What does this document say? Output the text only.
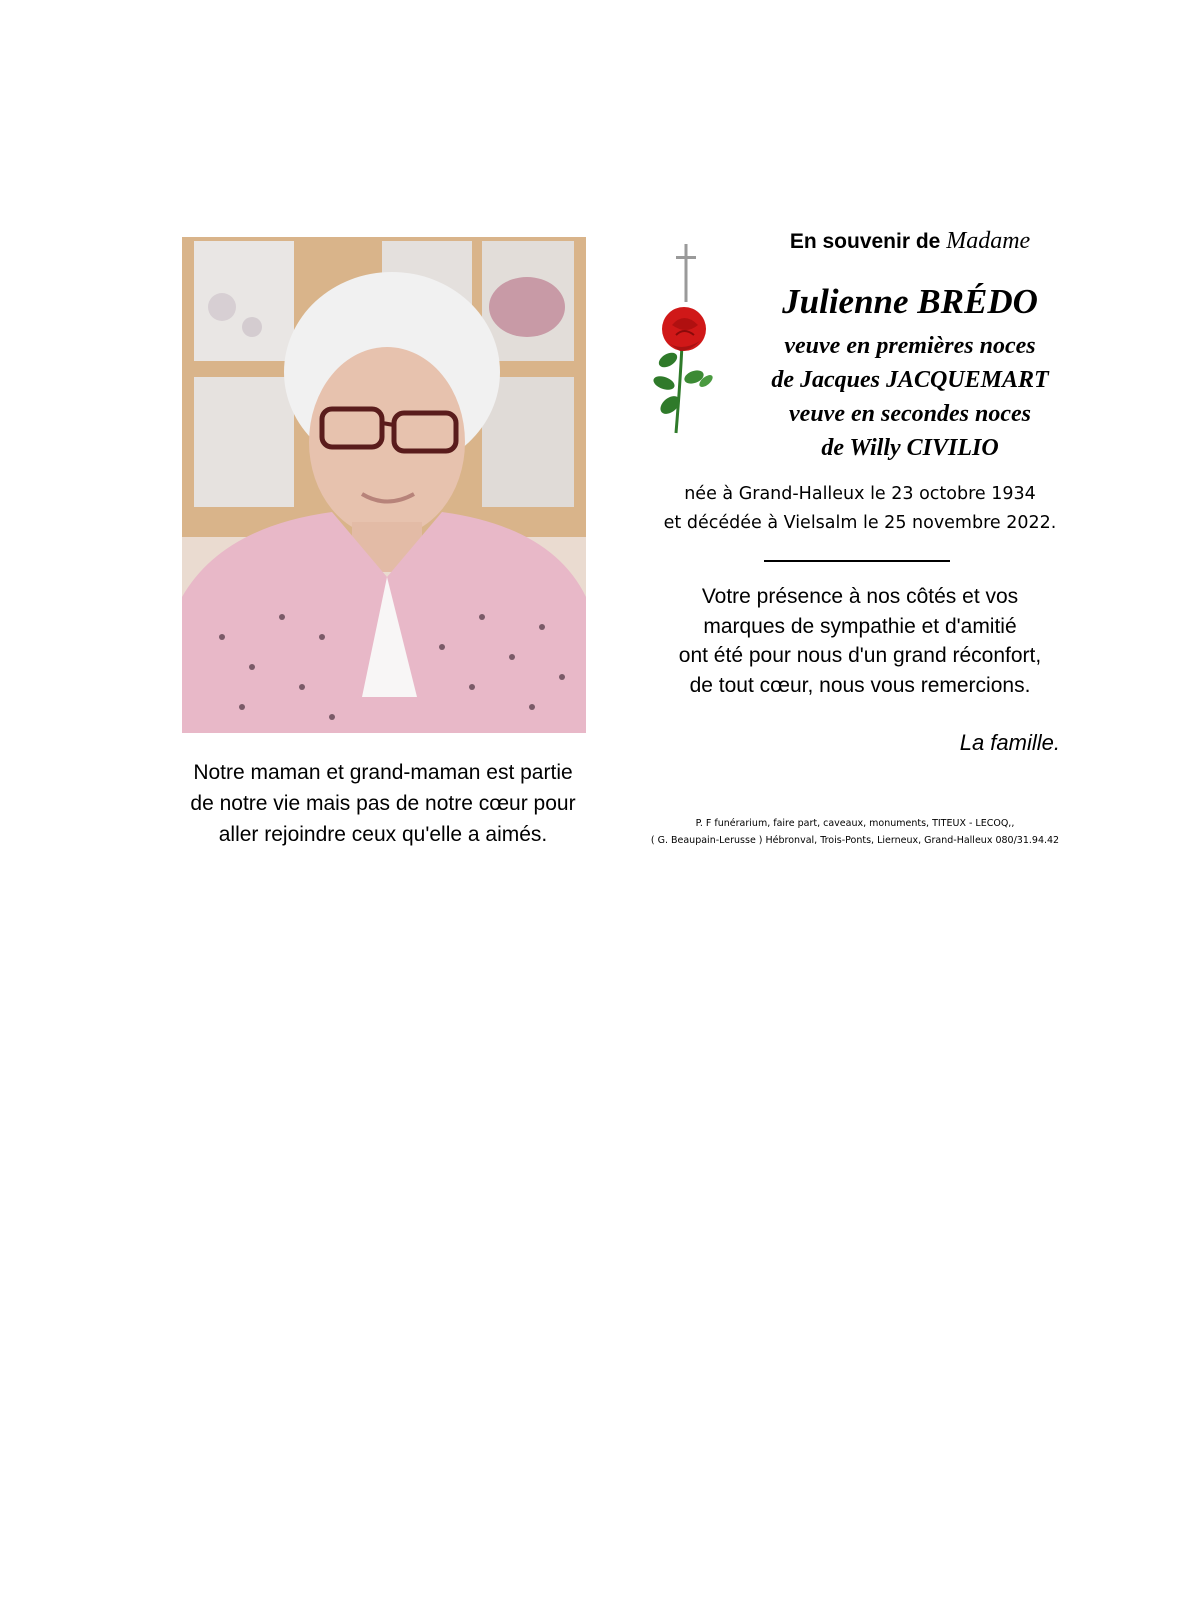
Notre maman et grand-maman est partie
de notre vie mais pas de notre cœur pour
aller rejoindre ceux qu'elle a aimés.
En souvenir de Madame
Julienne BRÉDO
veuve en premières noces
de Jacques JACQUEMART
veuve en secondes noces
de Willy CIVILIO
née à Grand-Halleux le 23 octobre 1934
et décédée à Vielsalm le 25 novembre 2022.
Votre présence à nos côtés et vos
marques de sympathie et d'amitié
ont été pour nous d'un grand réconfort,
de tout cœur, nous vous remercions.
La famille.
P. F funérarium, faire part, caveaux, monuments, TITEUX - LECOQ,,
( G. Beaupain-Lerusse ) Hébronval, Trois-Ponts, Lierneux, Grand-Halleux 080/31.94.42
